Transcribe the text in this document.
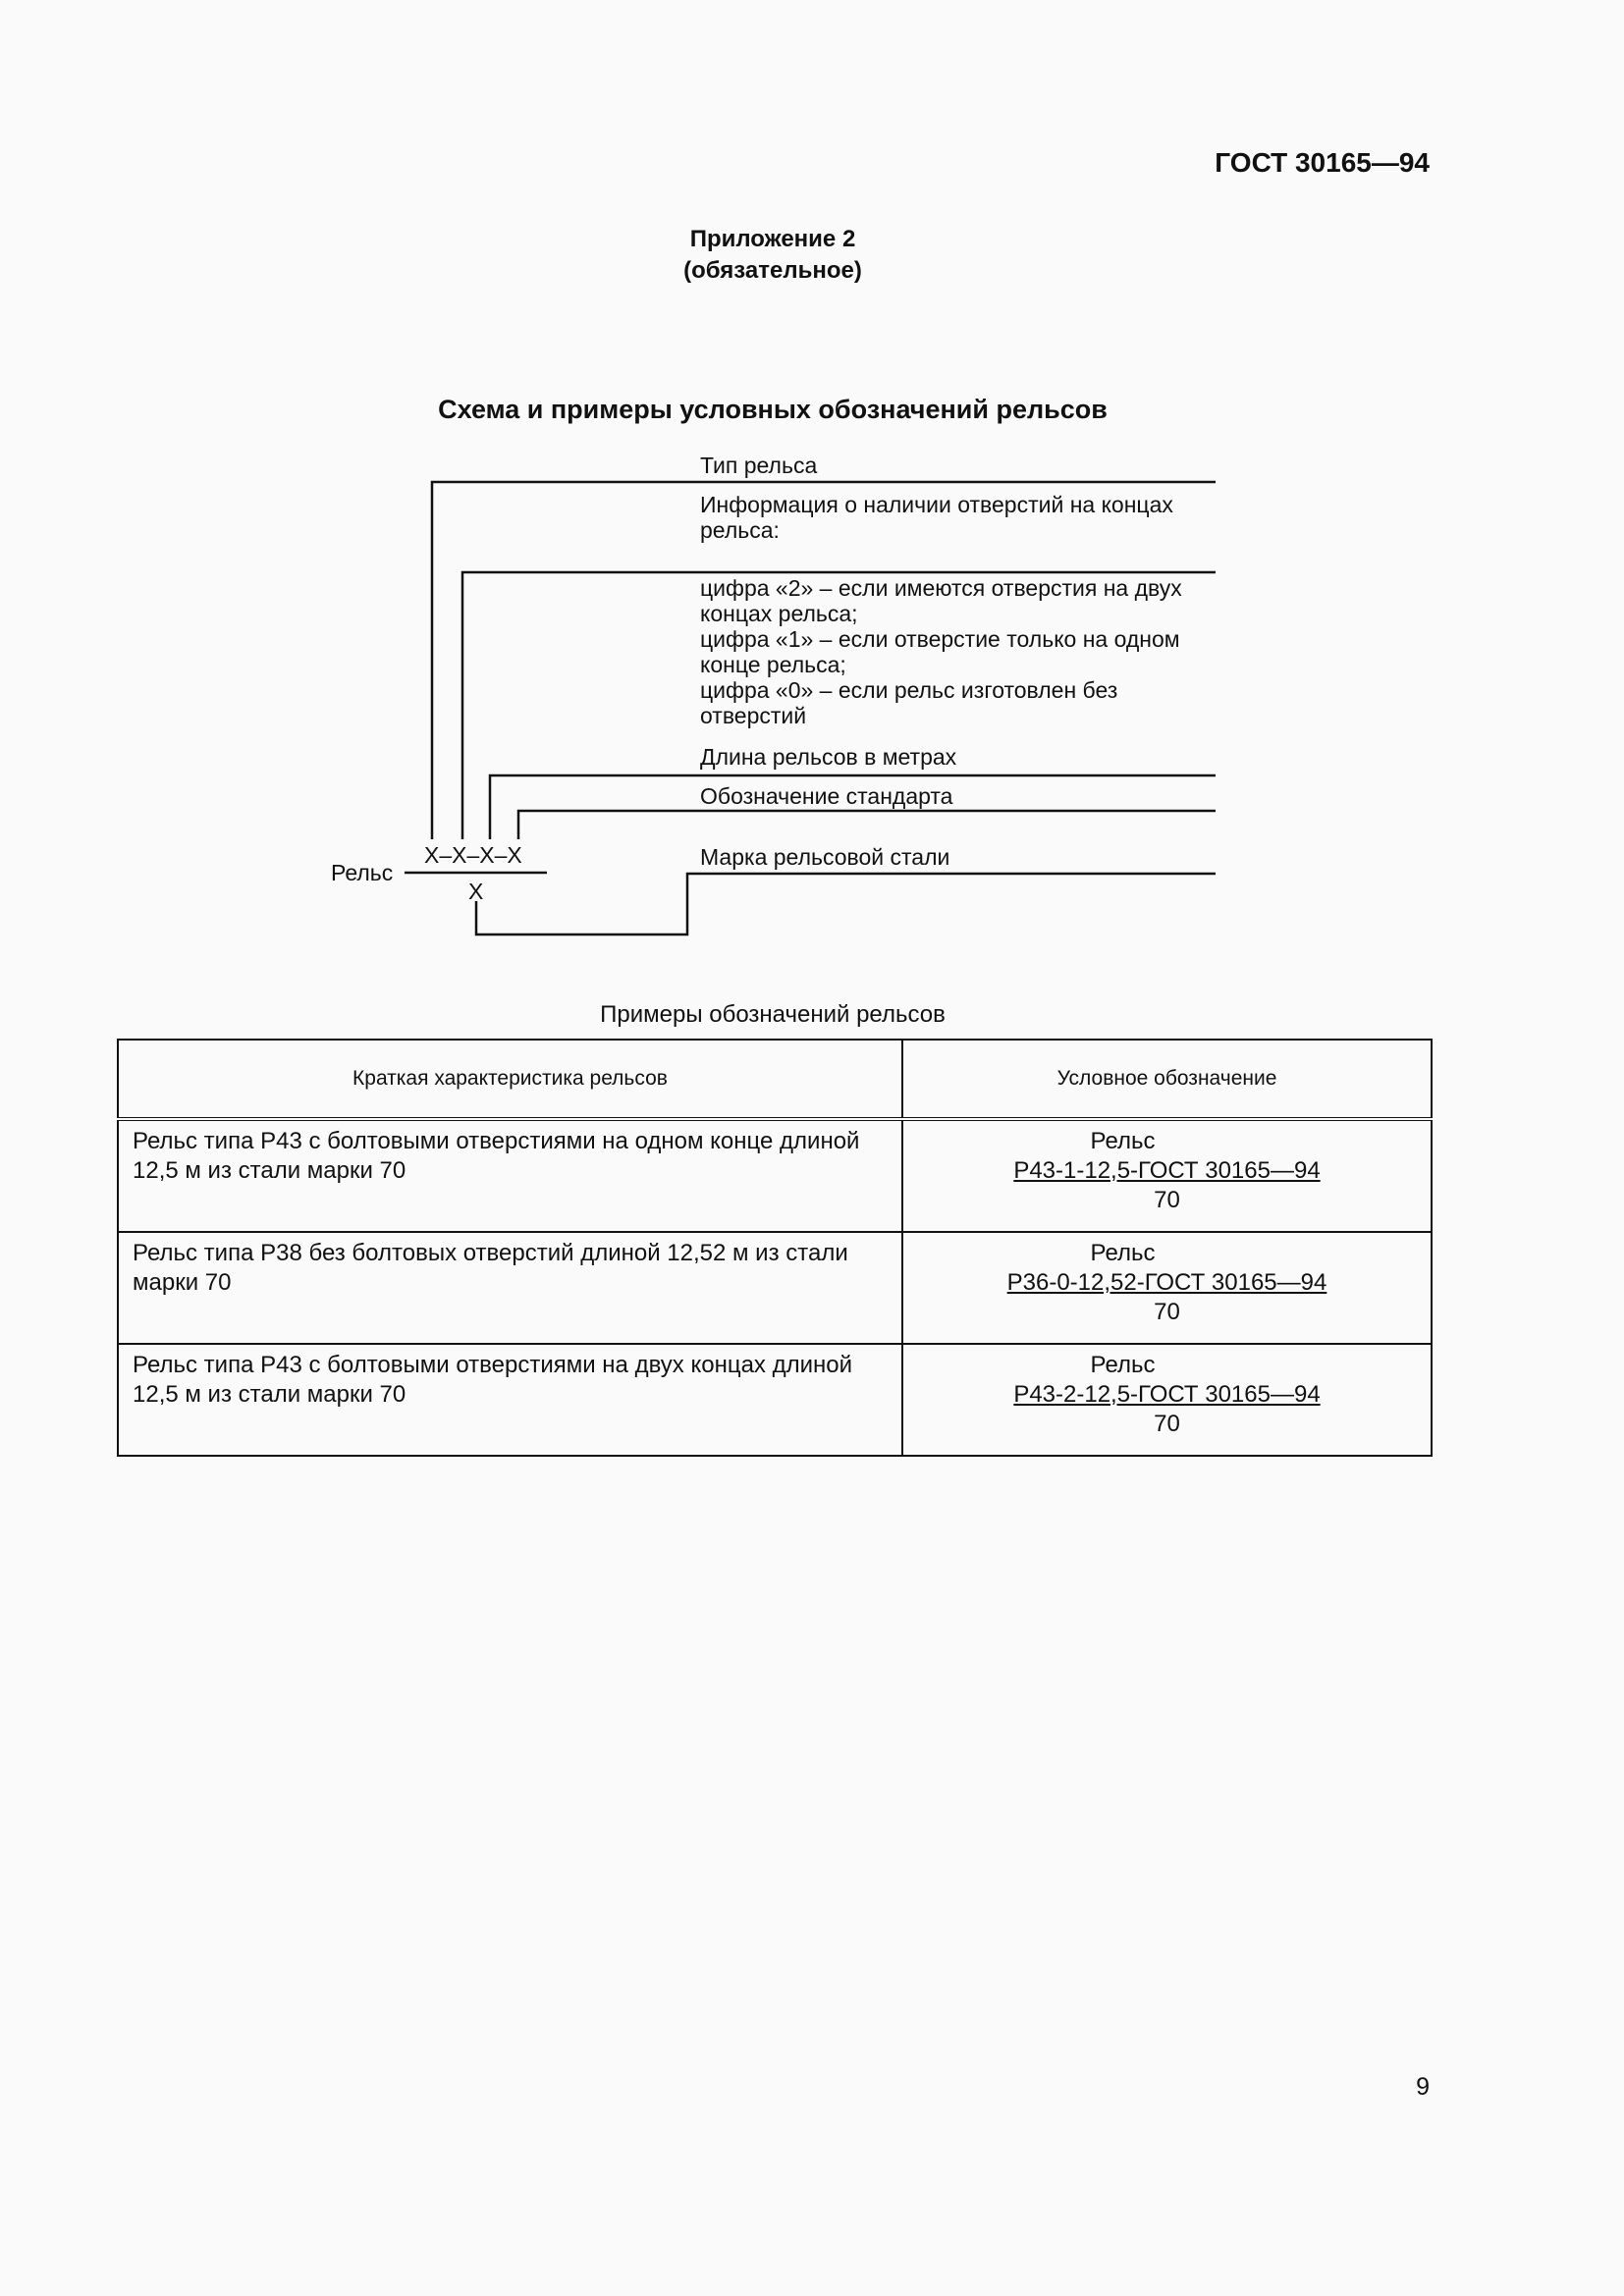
ГОСТ 30165—94
Приложение 2
(обязательное)
Схема и примеры условных обозначений рельсов
Рельс
Х–Х–Х–Х
Х
Тип рельса
Информация о наличии отверстий на концах
рельса:
цифра «2» – если имеются отверстия на двух
концах рельса;
цифра «1» – если отверстие только на одном
конце рельса;
цифра «0» – если рельс изготовлен без
отверстий
Длина рельсов в метрах
Обозначение стандарта
Марка рельсовой стали
Примеры обозначений рельсов
Краткая характеристика рельсов	Условное обозначение
Рельс типа Р43 с болтовыми отверстиями на одном конце длиной 12,5 м из стали марки 70	Рельс
Р43-1-12,5-ГОСТ 30165—94
70

Рельс типа Р38 без болтовых отверстий длиной 12,52 м из стали марки 70	Рельс
Р36-0-12,52-ГОСТ 30165—94
70

Рельс типа Р43 с болтовыми отверстиями на двух концах длиной 12,5 м из стали марки 70	Рельс
Р43-2-12,5-ГОСТ 30165—94
70
9
